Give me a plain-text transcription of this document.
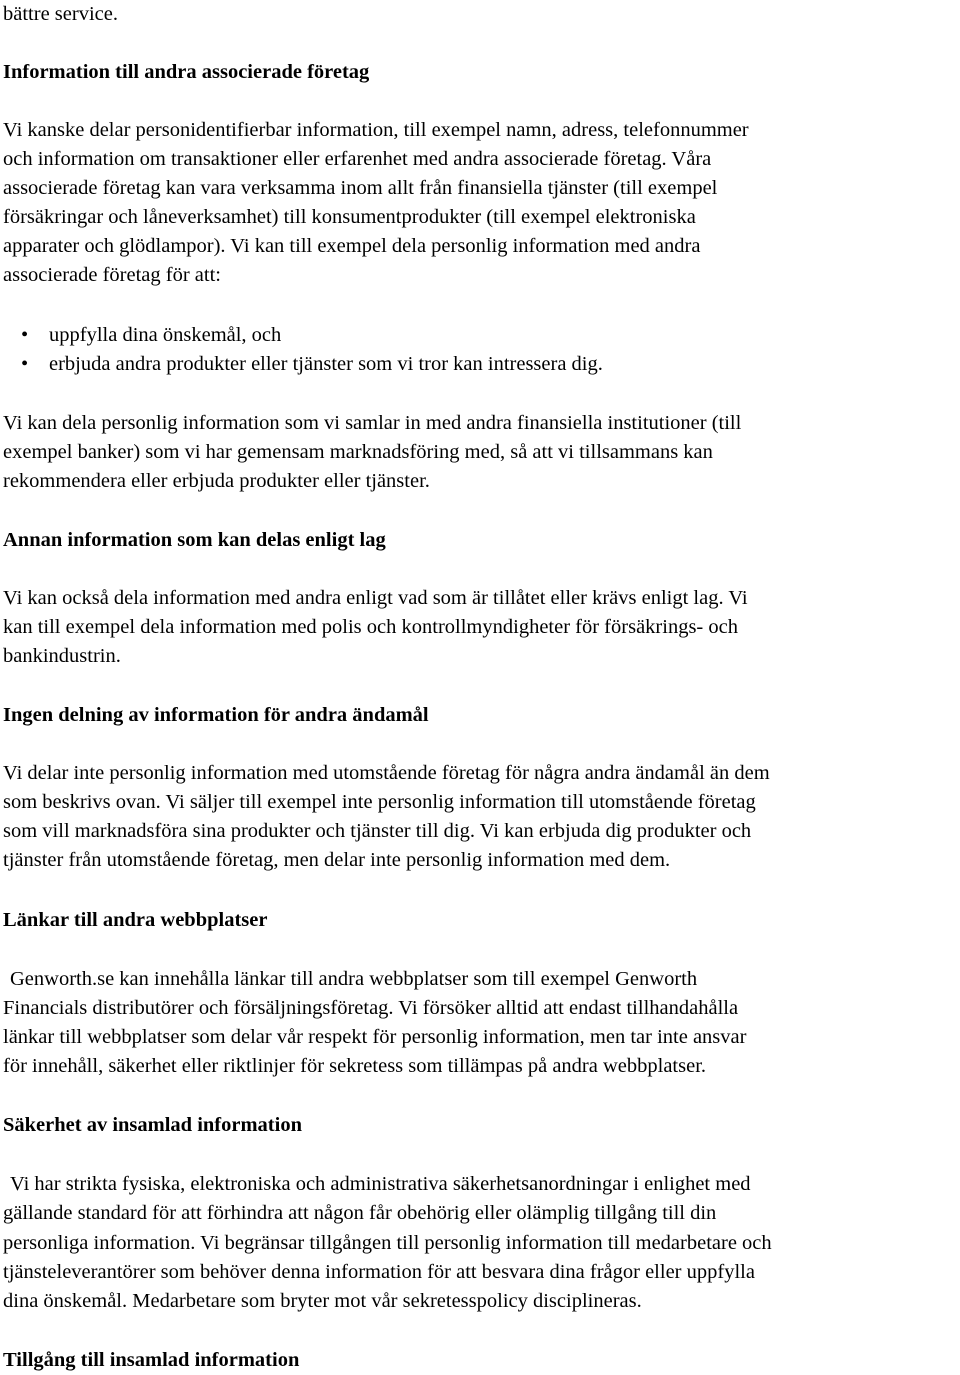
bättre service.
Information till andra associerade företag
Vi kanske delar personidentifierbar information, till exempel namn, adress, telefonnummer
och information om transaktioner eller erfarenhet med andra associerade företag. Våra
associerade företag kan vara verksamma inom allt från finansiella tjänster (till exempel
försäkringar och låneverksamhet) till konsumentprodukter (till exempel elektroniska
apparater och glödlampor). Vi kan till exempel dela personlig information med andra
associerade företag för att:
• uppfylla dina önskemål, och
• erbjuda andra produkter eller tjänster som vi tror kan intressera dig.
Vi kan dela personlig information som vi samlar in med andra finansiella institutioner (till
exempel banker) som vi har gemensam marknadsföring med, så att vi tillsammans kan
rekommendera eller erbjuda produkter eller tjänster.
Annan information som kan delas enligt lag
Vi kan också dela information med andra enligt vad som är tillåtet eller krävs enligt lag. Vi
kan till exempel dela information med polis och kontrollmyndigheter för försäkrings- och
bankindustrin.
Ingen delning av information för andra ändamål
Vi delar inte personlig information med utomstående företag för några andra ändamål än dem
som beskrivs ovan. Vi säljer till exempel inte personlig information till utomstående företag
som vill marknadsföra sina produkter och tjänster till dig. Vi kan erbjuda dig produkter och
tjänster från utomstående företag, men delar inte personlig information med dem.
Länkar till andra webbplatser
Genworth.se kan innehålla länkar till andra webbplatser som till exempel Genworth
Financials distributörer och försäljningsföretag. Vi försöker alltid att endast tillhandahålla
länkar till webbplatser som delar vår respekt för personlig information, men tar inte ansvar
för innehåll, säkerhet eller riktlinjer för sekretess som tillämpas på andra webbplatser.
Säkerhet av insamlad information
Vi har strikta fysiska, elektroniska och administrativa säkerhetsanordningar i enlighet med
gällande standard för att förhindra att någon får obehörig eller olämplig tillgång till din
personliga information. Vi begränsar tillgången till personlig information till medarbetare och
tjänsteleverantörer som behöver denna information för att besvara dina frågor eller uppfylla
dina önskemål. Medarbetare som bryter mot vår sekretesspolicy disciplineras.
Tillgång till insamlad information
